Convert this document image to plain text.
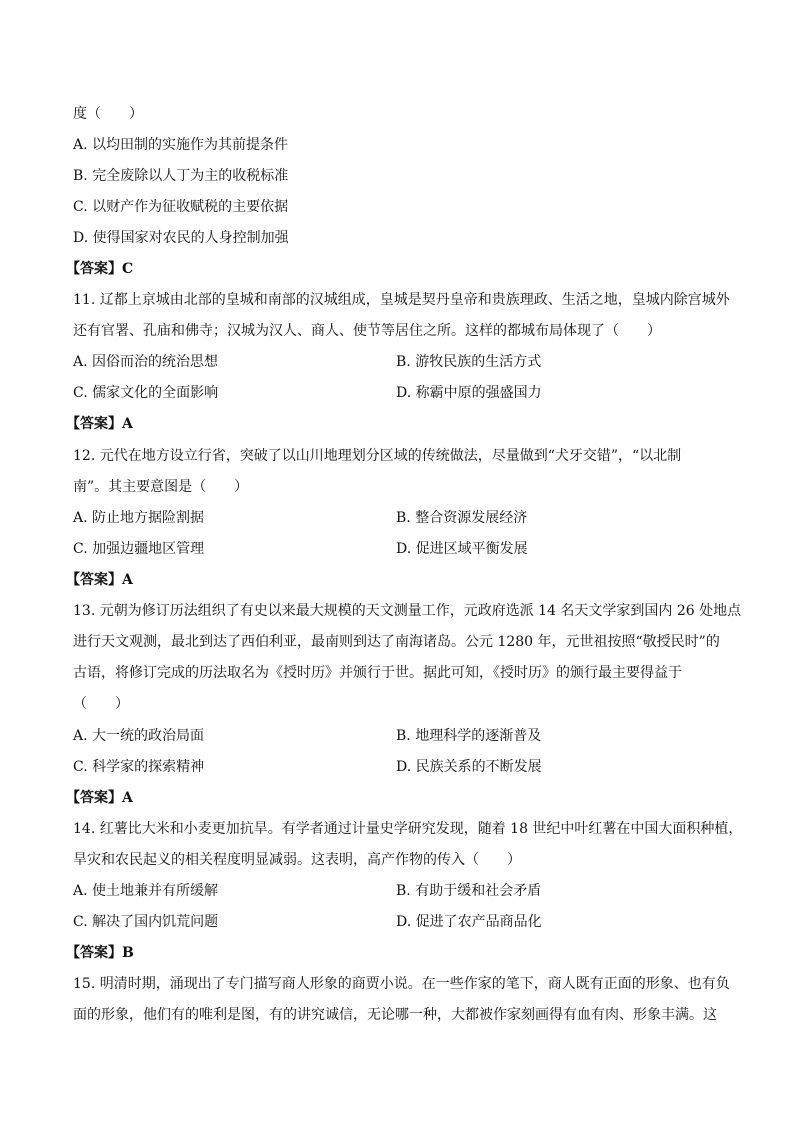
度（　　）
A. 以均田制的实施作为其前提条件
B. 完全废除以人丁为主的收税标准
C. 以财产作为征收赋税的主要依据
D. 使得国家对农民的人身控制加强
【答案】C
11. 辽都上京城由北部的皇城和南部的汉城组成，皇城是契丹皇帝和贵族理政、生活之地，皇城内除宫城外
还有官署、孔庙和佛寺；汉城为汉人、商人、使节等居住之所。这样的都城布局体现了（　　）
A. 因俗而治的统治思想	B. 游牧民族的生活方式
C. 儒家文化的全面影响	D. 称霸中原的强盛国力
【答案】A
12. 元代在地方设立行省，突破了以山川地理划分区域的传统做法，尽量做到“犬牙交错”，“以北制
南”。其主要意图是（　　）
A. 防止地方据险割据	B. 整合资源发展经济
C. 加强边疆地区管理	D. 促进区域平衡发展
【答案】A
13. 元朝为修订历法组织了有史以来最大规模的天文测量工作，元政府选派 14 名天文学家到国内 26 处地点
进行天文观测，最北到达了西伯利亚，最南则到达了南海诸岛。公元 1280 年，元世祖按照“敬授民时”的
古语，将修订完成的历法取名为《授时历》并颁行于世。据此可知，《授时历》的颁行最主要得益于
（　　）
A. 大一统的政治局面	B. 地理科学的逐渐普及
C. 科学家的探索精神	D. 民族关系的不断发展
【答案】A
14. 红薯比大米和小麦更加抗旱。有学者通过计量史学研究发现，随着 18 世纪中叶红薯在中国大面积种植，
旱灾和农民起义的相关程度明显减弱。这表明，高产作物的传入（　　）
A. 使土地兼并有所缓解	B. 有助于缓和社会矛盾
C. 解决了国内饥荒问题	D. 促进了农产品商品化
【答案】B
15. 明清时期，涌现出了专门描写商人形象的商贾小说。在一些作家的笔下，商人既有正面的形象、也有负
面的形象，他们有的唯利是图，有的讲究诚信，无论哪一种，大都被作家刻画得有血有肉、形象丰满。这
